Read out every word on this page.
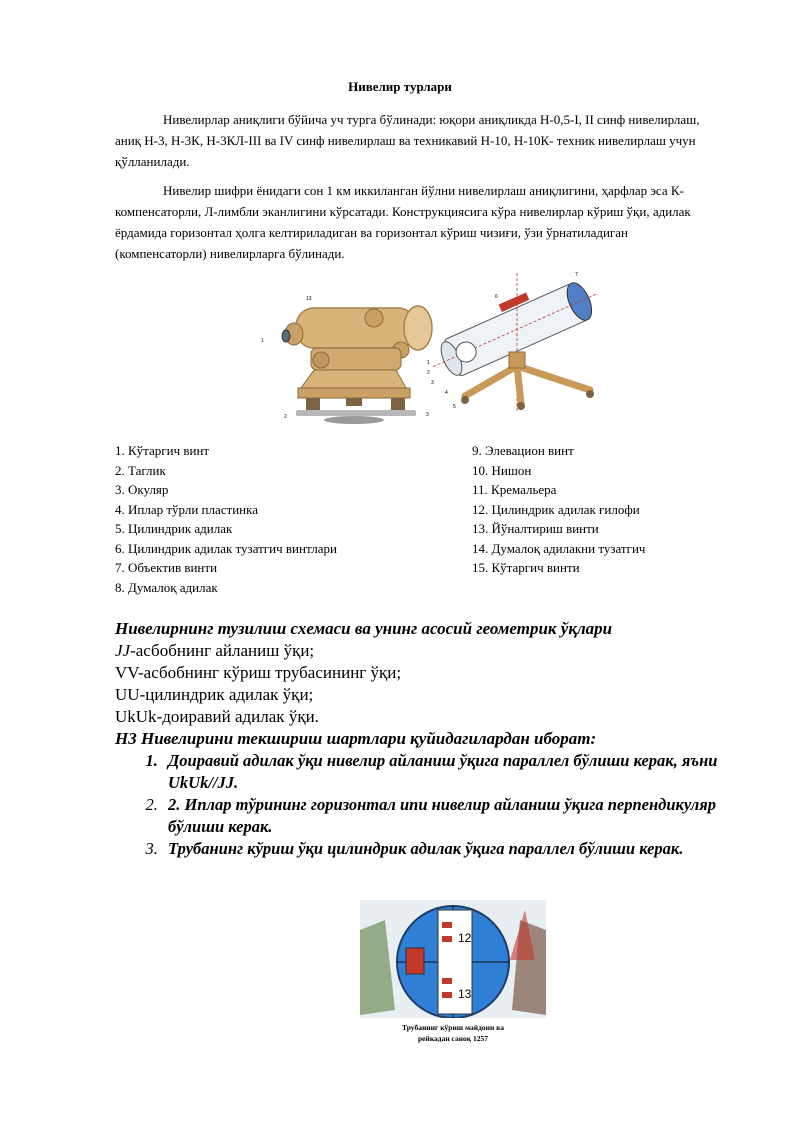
Нивелир турлари
Нивелирлар аниқлиги бўйича уч турга бўлинади: юқори аниқликда Н-0,5-I, II синф нивелирлаш, аниқ Н-3, Н-3К, Н-3КЛ-III ва IV синф нивелирлаш ва техникавий Н-10, Н-10К- техник нивелирлаш учун қўлланилади.
Нивелир шифри ёнидаги сон 1 км иккиланган йўлни нивелирлаш аниқлигини, ҳарфлар эса К-компенсаторли, Л-лимбли эканлигини кўрсатади. Конструкциясига кўра нивелирлар кўриш ўқи, адилак ёрдамида горизонтал ҳолга келтириладиган ва горизонтал кўриш чизиғи, ўзи ўрнатиладиган (компенсаторли) нивелирларга бўлинади.
13
1
2	3
1
2
3
4
5
6
7
1. Кўтаргич винт
2. Таглик
3. Окуляр
4. Иплар тўрли пластинка
5. Цилиндрик адилак
6. Цилиндрик адилак тузатгич винтлари
7. Объектив винти
8. Думалоқ адилак
9. Элевацион винт
10. Нишон
11. Кремальера
12. Цилиндрик адилак ғилофи
13. Йўналтириш винти
14. Думалоқ адилакни тузатгич
15. Кўтаргич винти
Нивелирнинг тузилиш схемаси ва унинг асосий геометрик ўқлари
JJ-асбобнинг айланиш ўқи;
VV-асбобнинг кўриш трубасининг ўқи;
UU-цилиндрик адилак ўқи;
UkUk-доиравий адилак ўқи.
Н3 Нивелирини текшириш шартлари қуйидагилардан иборат:
1. Доиравий адилак ўқи нивелир айланиш ўқига параллел бўлиши керак, яъни UkUk//JJ.
2. 2. Иплар тўрининг горизонтал ипи нивелир айланиш ўқига перпендикуляр бўлиши керак.
3. Трубанинг кўриш ўқи цилиндрик адилак ўқига параллел бўлиши керак.
12
13
Трубанинг кўриш майдони ва
рейкадан саноқ 1257
